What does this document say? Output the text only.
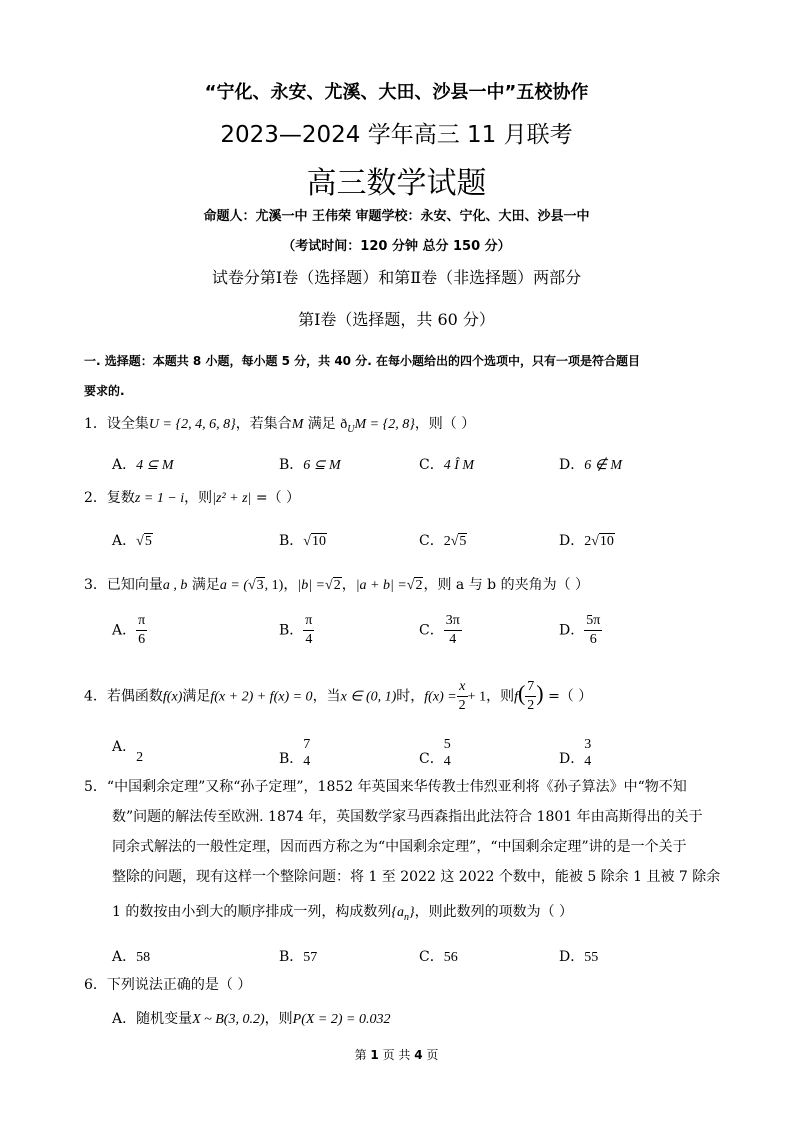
“宁化、永安、尤溪、大田、沙县一中”五校协作
2023—2024 学年高三 11 月联考
高三数学试题
命题人：尤溪一中 王伟荣 审题学校：永安、宁化、大田、沙县一中
（考试时间：120 分钟 总分 150 分）
试卷分第Ⅰ卷（选择题）和第Ⅱ卷（非选择题）两部分
第Ⅰ卷（选择题，共 60 分）
一. 选择题：本题共 8 小题，每小题 5 分，共 40 分. 在每小题给出的四个选项中，只有一项是符合题目
要求的.
1．设全集U = {2, 4, 6, 8}，若集合M 满足 $ð_UM = \{2$, 8}，则（ ）
A．4 ⊆ M	B．6 ⊆ M	C．4 Î M	D．6 ∉ M
2．复数z = 1 − i，则|z² + z| =（ ）
A．√5	B．√10	C．2√5	D．2√10
3．已知向量a , b 满足a = (√3, 1)，|b| =√2，|a + b| =√2，则 a 与 b 的夹角为（ ）
A． $\frac{\pi}{6}$	B． $\frac{\pi}{4}$	C． $\frac{3\pi}{4}$	D． $\frac{5\pi}{6}$
4．若偶函数f(x)满足f(x + 2) + f(x) = 0，当x ∈ (0, 1)时，$f(x) = \frac{x}{2} + 1$，则$f( \frac{7}{2}$ ) =（ ）
A．2	B．
7
4	C．
5
4	D．
3
4
5．“中国剩余定理”又称“孙子定理”，1852 年英国来华传教士伟烈亚利将《孙子算法》中“物不知
数”问题的解法传至欧洲. 1874 年，英国数学家马西森指出此法符合 1801 年由高斯得出的关于
同余式解法的一般性定理，因而西方称之为“中国剩余定理”，“中国剩余定理”讲的是一个关于
整除的问题，现有这样一个整除问题：将 1 至 2022 这 2022 个数中，能被 5 除余 1 且被 7 除余
1 的数按由小到大的顺序排成一列，构成数列$\{a_n\}$，则此数列的项数为（ ）
A．58	B．57	C．56	D．55
6．下列说法正确的是（ ）
A．随机变量X ~ B(3, 0.2)，则P(X = 2) = 0.032
第 1 页 共 4 页
